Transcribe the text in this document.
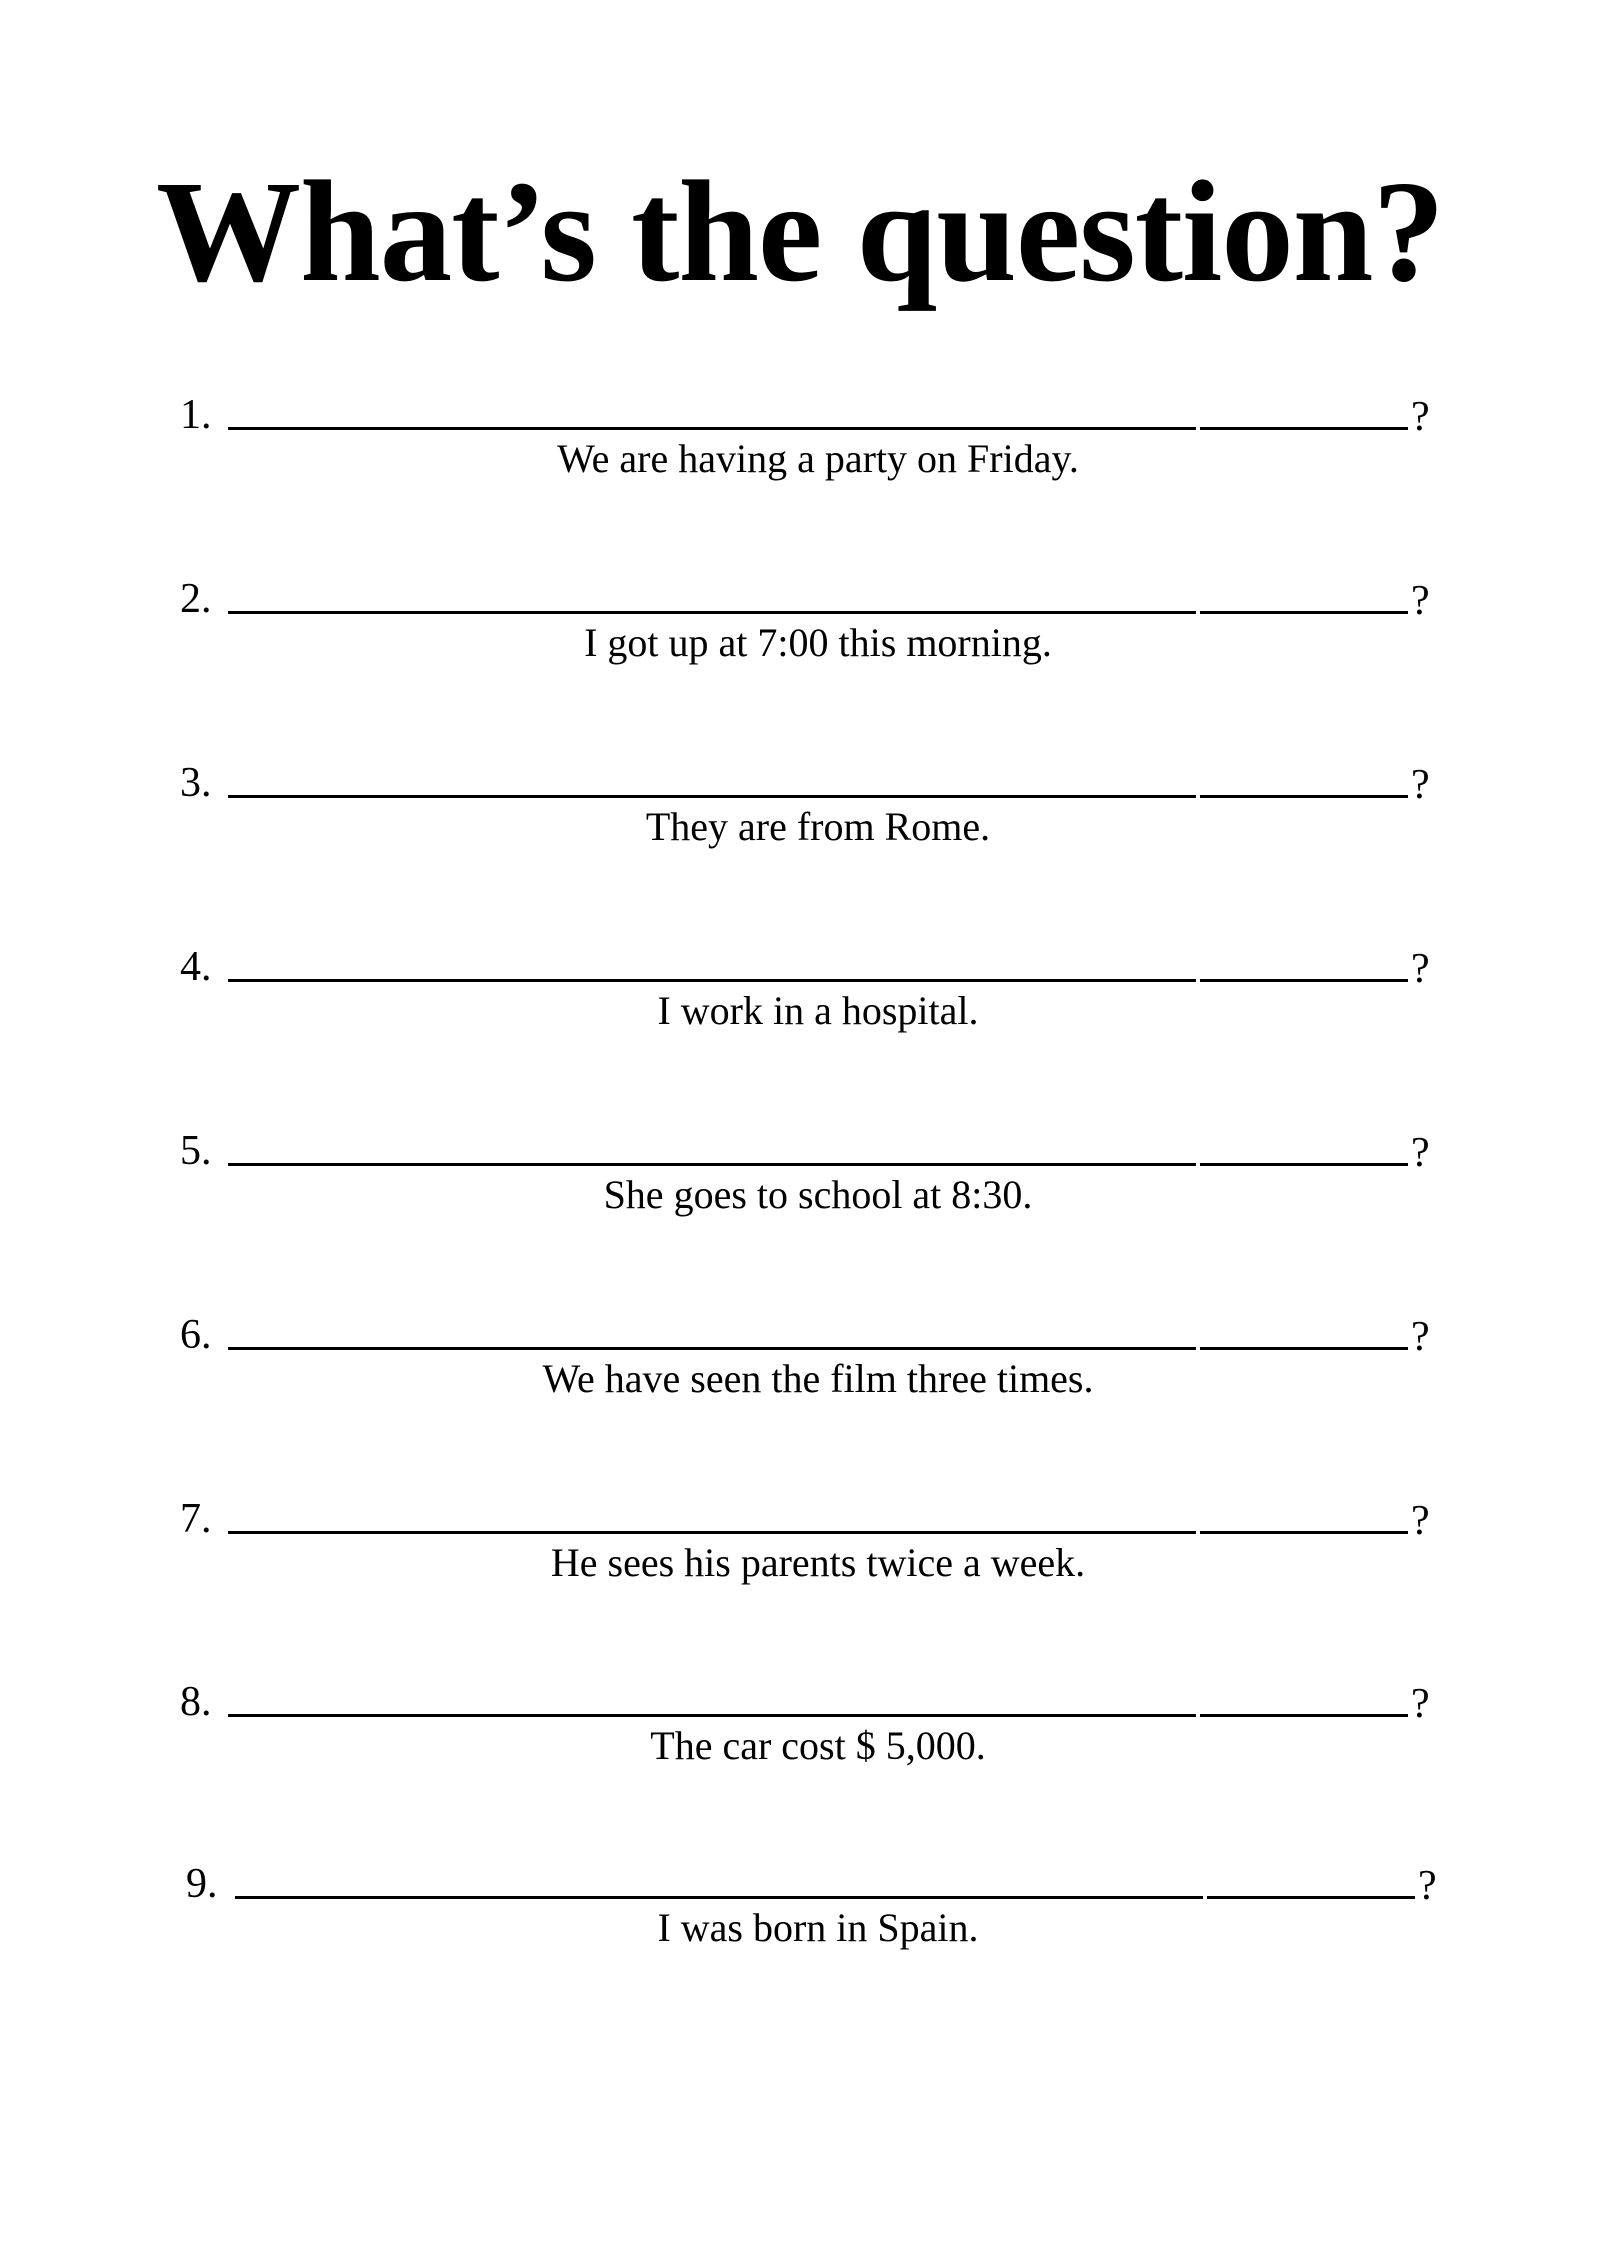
What’s the question?
1.	?
We are having a party on Friday.
2.	?
I got up at 7:00 this morning.
3.	?
They are from Rome.
4.	?
I work in a hospital.
5.	?
She goes to school at 8:30.
6.	?
We have seen the film three times.
7.	?
He sees his parents twice a week.
8.	?
The car cost $ 5,000.
9.	?
I was born in Spain.
